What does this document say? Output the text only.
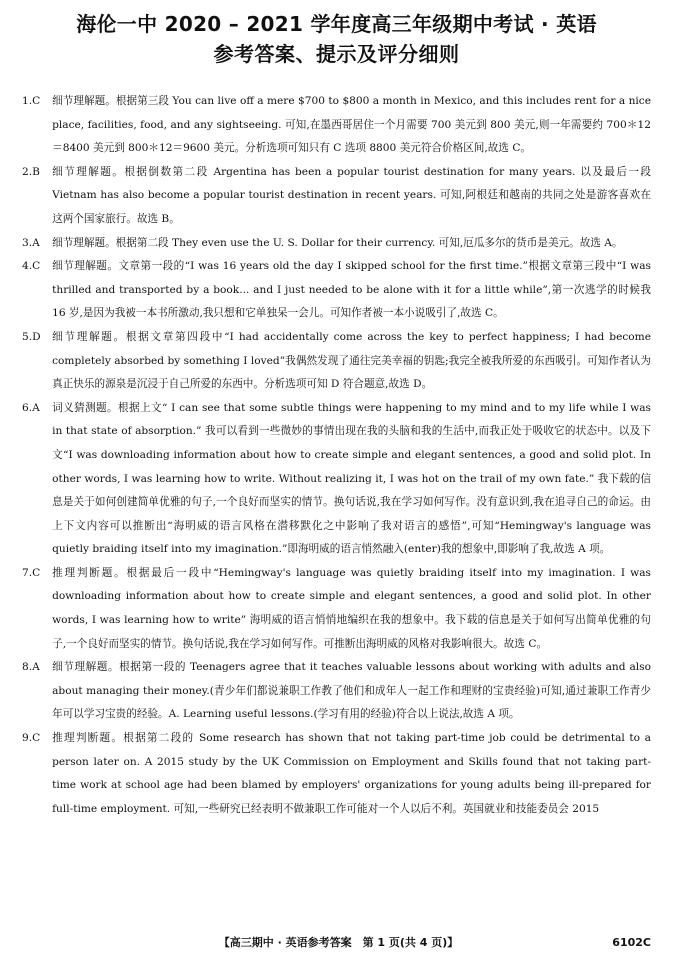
海伦一中 2020 – 2021 学年度高三年级期中考试 · 英语
参考答案、提示及评分细则
1.C	细节理解题。根据第三段 You can live off a mere $700 to $800 a month in Mexico, and this includes rent for a nice place, facilities, food, and any sightseeing. 可知,在墨西哥居住一个月需要 700 美元到 800 美元,则一年需要约 700＊12＝8400 美元到 800＊12＝9600 美元。分析选项可知只有 C 选项 8800 美元符合价格区间,故选 C。
2.B	细节理解题。根据倒数第二段 Argentina has been a popular tourist destination for many years. 以及最后一段 Vietnam has also become a popular tourist destination in recent years. 可知,阿根廷和越南的共同之处是游客喜欢在这两个国家旅行。故选 B。
3.A	细节理解题。根据第二段 They even use the U. S. Dollar for their currency. 可知,厄瓜多尔的货币是美元。故选 A。
4.C	细节理解题。文章第一段的“I was 16 years old the day I skipped school for the first time.”根据文章第三段中“I was thrilled and transported by a book... and I just needed to be alone with it for a little while”,第一次逃学的时候我 16 岁,是因为我被一本书所激动,我只想和它单独呆一会儿。可知作者被一本小说吸引了,故选 C。
5.D	细节理解题。根据文章第四段中“I had accidentally come across the key to perfect happiness; I had become completely absorbed by something I loved”我偶然发现了通往完美幸福的钥匙;我完全被我所爱的东西吸引。可知作者认为真正快乐的源泉是沉浸于自己所爱的东西中。分析选项可知 D 符合题意,故选 D。
6.A	词义猜测题。根据上文“ I can see that some subtle things were happening to my mind and to my life while I was in that state of absorption.” 我可以看到一些微妙的事情出现在我的头脑和我的生活中,而我正处于吸收它的状态中。以及下文“I was downloading information about how to create simple and elegant sentences, a good and solid plot. In other words, I was learning how to write. Without realizing it, I was hot on the trail of my own fate.” 我下载的信息是关于如何创建简单优雅的句子,一个良好而坚实的情节。换句话说,我在学习如何写作。没有意识到,我在追寻自己的命运。由上下文内容可以推断出“海明威的语言风格在潜移默化之中影响了我对语言的感悟”,可知“Hemingway's language was quietly braiding itself into my imagination.”即海明威的语言悄然融入(enter)我的想象中,即影响了我,故选 A 项。
7.C	推理判断题。根据最后一段中“Hemingway's language was quietly braiding itself into my imagination. I was downloading information about how to create simple and elegant sentences, a good and solid plot. In other words, I was learning how to write” 海明威的语言悄悄地编织在我的想象中。我下载的信息是关于如何写出简单优雅的句子,一个良好而坚实的情节。换句话说,我在学习如何写作。可推断出海明威的风格对我影响很大。故选 C。
8.A	细节理解题。根据第一段的 Teenagers agree that it teaches valuable lessons about working with adults and also about managing their money.(青少年们都说兼职工作教了他们和成年人一起工作和理财的宝贵经验)可知,通过兼职工作青少年可以学习宝贵的经验。A. Learning useful lessons.(学习有用的经验)符合以上说法,故选 A 项。
9.C	推理判断题。根据第二段的 Some research has shown that not taking part-time job could be detrimental to a person later on. A 2015 study by the UK Commission on Employment and Skills found that not taking part-time work at school age had been blamed by employers' organizations for young adults being ill-prepared for full-time employment. 可知,一些研究已经表明不做兼职工作可能对一个人以后不利。英国就业和技能委员会 2015
【高三期中 · 英语参考答案　第 1 页(共 4 页)】	6102C
